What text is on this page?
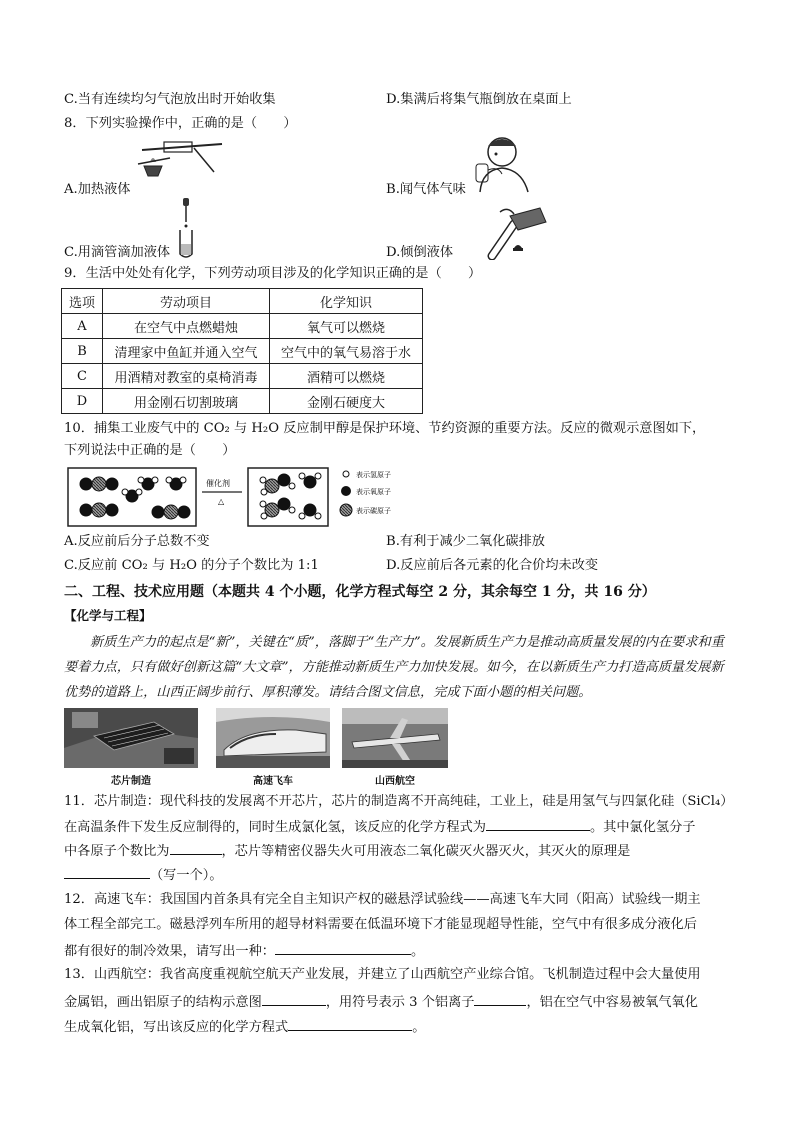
C.当有连续均匀气泡放出时开始收集	D.集满后将集气瓶倒放在桌面上
8．下列实验操作中，正确的是（　　）
A.加热液体	B.闻气体气味
C.用滴管滴加液体	D.倾倒液体
9．生活中处处有化学，下列劳动项目涉及的化学知识正确的是（　　）
选项	劳动项目	化学知识
A	在空气中点燃蜡烛	氧气可以燃烧
B	清理家中鱼缸并通入空气	空气中的氧气易溶于水
C	用酒精对教室的桌椅消毒	酒精可以燃烧
D	用金刚石切割玻璃	金刚石硬度大
10．捕集工业废气中的 CO₂ 与 H₂O 反应制甲醇是保护环境、节约资源的重要方法。反应的微观示意图如下，
下列说法中正确的是（　　）
催化剂
△
表示氢原子
表示氧原子
表示碳原子
A.反应前后分子总数不变	B.有利于减少二氧化碳排放
C.反应前 CO₂ 与 H₂O 的分子个数比为 1:1	D.反应前后各元素的化合价均未改变
二、工程、技术应用题（本题共 4 个小题，化学方程式每空 2 分，其余每空 1 分，共 16 分）
【化学与工程】
新质生产力的起点是“新”，关键在“质”，落脚于“生产力”。发展新质生产力是推动高质量发展的内在要求和重要着力点，只有做好创新这篇“大文章”，方能推动新质生产力加快发展。如今，在以新质生产力打造高质量发展新优势的道路上，山西正阔步前行、厚积薄发。请结合图文信息，完成下面小题的相关问题。
芯片制造	高速飞车	山西航空
11．芯片制造：现代科技的发展离不开芯片，芯片的制造离不开高纯硅，工业上，硅是用氢气与四氯化硅（SiCl₄）
在高温条件下发生反应制得的，同时生成氯化氢，该反应的化学方程式为	。其中氯化氢分子
中各原子个数比为	，芯片等精密仪器失火可用液态二氧化碳灭火器灭火，其灭火的原理是
（写一个）。
12．高速飞车：我国国内首条具有完全自主知识产权的磁悬浮试验线——高速飞车大同（阳高）试验线一期主
体工程全部完工。磁悬浮列车所用的超导材料需要在低温环境下才能显现超导性能，空气中有很多成分液化后
都有很好的制冷效果，请写出一种：	。
13．山西航空：我省高度重视航空航天产业发展，并建立了山西航空产业综合馆。飞机制造过程中会大量使用
金属铝，画出铝原子的结构示意图	，用符号表示 3 个铝离子	，铝在空气中容易被氧气氧化
生成氧化铝，写出该反应的化学方程式	。
